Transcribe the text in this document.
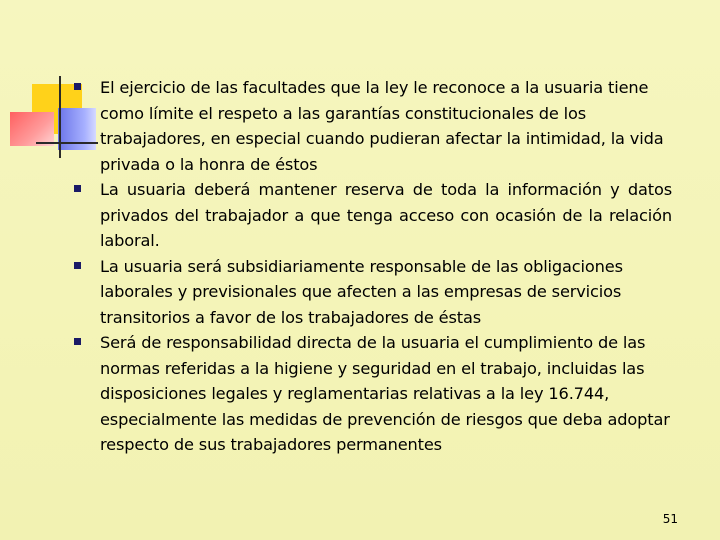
El ejercicio de las facultades que la ley le reconoce a la usuaria tiene como límite el respeto a las garantías constitucionales de los trabajadores, en especial cuando pudieran afectar la intimidad, la vida privada o la honra de éstos
La usuaria deberá mantener reserva de toda la información y datos privados del trabajador a que tenga acceso con ocasión de la relación laboral.
La usuaria será subsidiariamente responsable de las obligaciones laborales y previsionales que afecten a las empresas de servicios transitorios a favor de los trabajadores de éstas
Será de responsabilidad directa de la usuaria el cumplimiento de las normas referidas a la higiene y seguridad en el trabajo, incluidas las disposiciones legales y reglamentarias relativas a la ley 16.744, especialmente las medidas de prevención de riesgos que deba adoptar respecto de sus trabajadores permanentes
51
